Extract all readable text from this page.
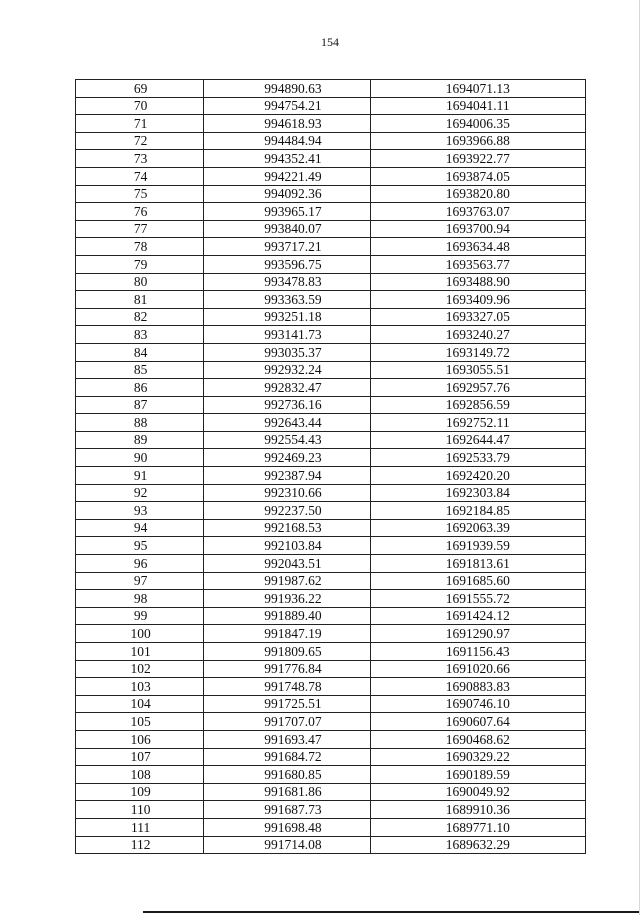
154
69	994890.63	1694071.13
70	994754.21	1694041.11
71	994618.93	1694006.35
72	994484.94	1693966.88
73	994352.41	1693922.77
74	994221.49	1693874.05
75	994092.36	1693820.80
76	993965.17	1693763.07
77	993840.07	1693700.94
78	993717.21	1693634.48
79	993596.75	1693563.77
80	993478.83	1693488.90
81	993363.59	1693409.96
82	993251.18	1693327.05
83	993141.73	1693240.27
84	993035.37	1693149.72
85	992932.24	1693055.51
86	992832.47	1692957.76
87	992736.16	1692856.59
88	992643.44	1692752.11
89	992554.43	1692644.47
90	992469.23	1692533.79
91	992387.94	1692420.20
92	992310.66	1692303.84
93	992237.50	1692184.85
94	992168.53	1692063.39
95	992103.84	1691939.59
96	992043.51	1691813.61
97	991987.62	1691685.60
98	991936.22	1691555.72
99	991889.40	1691424.12
100	991847.19	1691290.97
101	991809.65	1691156.43
102	991776.84	1691020.66
103	991748.78	1690883.83
104	991725.51	1690746.10
105	991707.07	1690607.64
106	991693.47	1690468.62
107	991684.72	1690329.22
108	991680.85	1690189.59
109	991681.86	1690049.92
110	991687.73	1689910.36
111	991698.48	1689771.10
112	991714.08	1689632.29
